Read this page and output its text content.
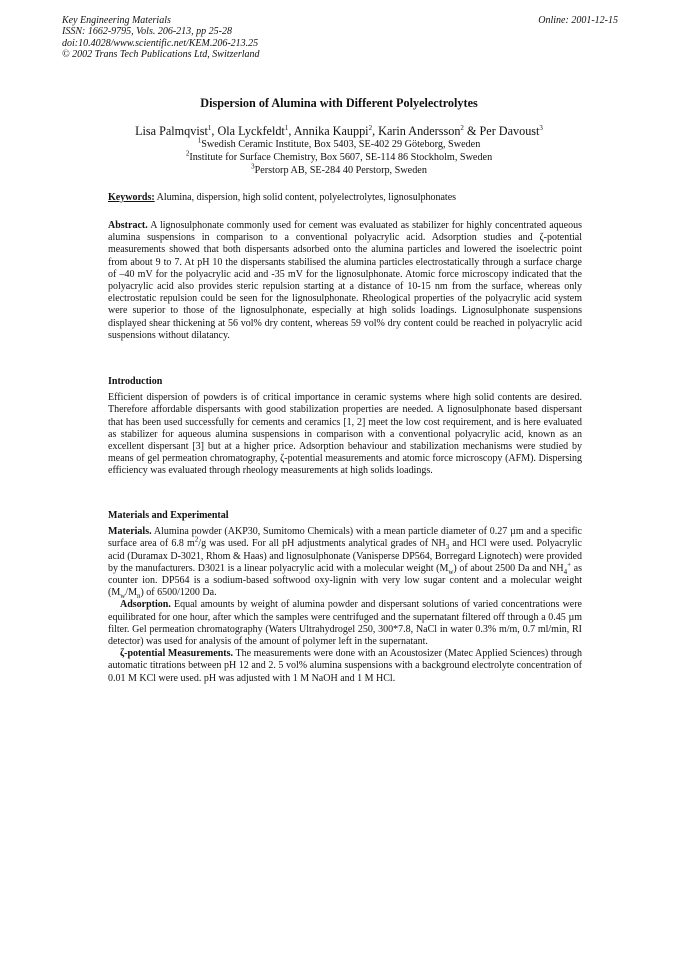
Key Engineering Materials
ISSN: 1662-9795, Vols. 206-213, pp 25-28
doi:10.4028/www.scientific.net/KEM.206-213.25
© 2002 Trans Tech Publications Ltd, Switzerland
Online: 2001-12-15
Dispersion of Alumina with Different Polyelectrolytes
Lisa Palmqvist$^1$, Ola Lyckfeldt$^1$, Annika Kauppi$^2$, Karin Andersson$^2$ & Per Davoust$^3$
$^1$Swedish Ceramic Institute, Box 5403, SE-402 29 Göteborg, Sweden
$^2$Institute for Surface Chemistry, Box 5607, SE-114 86 Stockholm, Sweden
$^3$Perstorp AB, SE-284 40 Perstorp, Sweden
Keywords: Alumina, dispersion, high solid content, polyelectrolytes, lignosulphonates

Abstract. A lignosulphonate commonly used for cement was evaluated as stabilizer for highly concentrated aqueous alumina suspensions in comparison to a conventional polyacrylic acid. Adsorption studies and ζ-potential measurements showed that both dispersants adsorbed onto the alumina particles and lowered the isoelectric point from about 9 to 7. At pH 10 the dispersants stabilised the alumina particles electrostatically through a surface charge of –40 mV for the polyacrylic acid and -35 mV for the lignosulphonate. Atomic force microscopy indicated that the polyacrylic acid also provides steric repulsion starting at a distance of 10-15 nm from the surface, whereas only electrostatic repulsion could be seen for the lignosulphonate. Rheological properties of the polyacrylic acid system were superior to those of the lignosulphonate, especially at high solids loadings. Lignosulphonate suspensions displayed shear thickening at 56 vol% dry content, whereas 59 vol% dry content could be reached in polyacrylic acid suspensions without dilatancy.

Introduction

Efficient dispersion of powders is of critical importance in ceramic systems where high solid contents are desired. Therefore affordable dispersants with good stabilization properties are needed. A lignosulphonate based dispersant that has been used successfully for cements and ceramics [1, 2] meet the low cost requirement, and is here evaluated as stabilizer for aqueous alumina suspensions in comparison with a conventional polyacrylic acid, known as an excellent dispersant [3] but at a higher price. Adsorption behaviour and stabilization mechanisms were studied by means of gel permeation chromatography, ζ-potential measurements and atomic force microscopy (AFM). Dispersing efficiency was evaluated through rheology measurements at high solids loadings.

Materials and Experimental

Materials. Alumina powder (AKP30, Sumitomo Chemicals) with a mean particle diameter of 0.27 µm and a specific surface area of 6.8 $m^2/g$ was used. For all pH adjustments analytical grades of $NH_3$ and HCl were used. Polyacrylic acid (Duramax D-3021, Rhom & Haas) and lignosulphonate (Vanisperse DP564, Borregard Lignotech) were provided by the manufacturers. D3021 is a linear polyacrylic acid with a molecular weight $(M_w)$ of about 2500 Da and $NH_4^+$ as counter ion. DP564 is a sodium-based softwood oxy-lignin with very low sugar content and a molecular weight $(M_w/M_n)$ of 6500/1200 Da.

Adsorption. Equal amounts by weight of alumina powder and dispersant solutions of varied concentrations were equilibrated for one hour, after which the samples were centrifuged and the supernatant filtered off through a 0.45 µm filter. Gel permeation chromatography (Waters Ultrahydrogel 250, 300*7.8, NaCl in water 0.3% m/m, 0.7 ml/min, RI detector) was used for analysis of the amount of polymer left in the supernatant.

ζ-potential Measurements. The measurements were done with an Acoustosizer (Matec Applied Sciences) through automatic titrations between pH 12 and 2. 5 vol% alumina suspensions with a background electrolyte concentration of 0.01 M KCl were used. pH was adjusted with 1 M NaOH and 1 M HCl.
